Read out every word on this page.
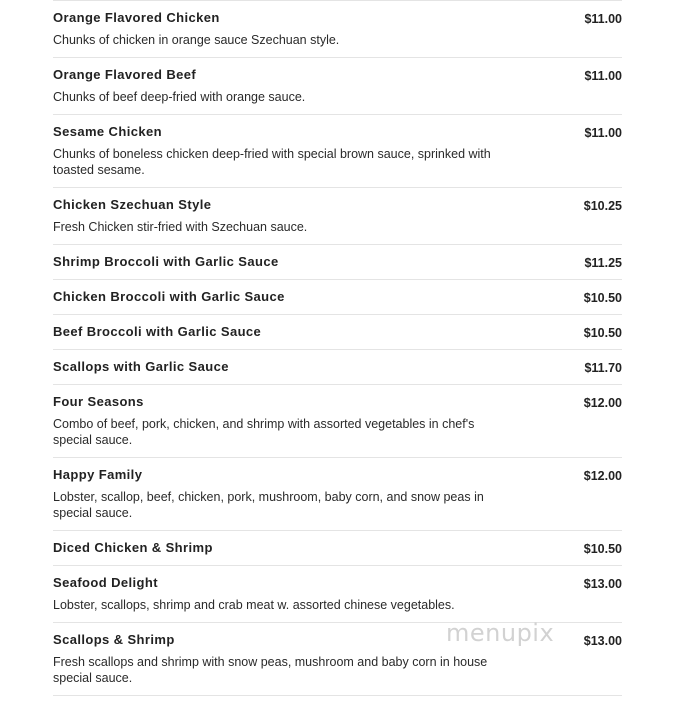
Orange Flavored Chicken	$11.00
Chunks of chicken in orange sauce Szechuan style.
Orange Flavored Beef	$11.00
Chunks of beef deep-fried with orange sauce.
Sesame Chicken	$11.00
Chunks of boneless chicken deep-fried with special brown sauce, sprinked with toasted sesame.
Chicken Szechuan Style	$10.25
Fresh Chicken stir-fried with Szechuan sauce.
Shrimp Broccoli with Garlic Sauce	$11.25
Chicken Broccoli with Garlic Sauce	$10.50
Beef Broccoli with Garlic Sauce	$10.50
Scallops with Garlic Sauce	$11.70
Four Seasons	$12.00
Combo of beef, pork, chicken, and shrimp with assorted vegetables in chef's special sauce.
Happy Family	$12.00
Lobster, scallop, beef, chicken, pork, mushroom, baby corn, and snow peas in special sauce.
Diced Chicken & Shrimp	$10.50
Seafood Delight	$13.00
Lobster, scallops, shrimp and crab meat w. assorted chinese vegetables.
Scallops & Shrimp	$13.00
Fresh scallops and shrimp with snow peas, mushroom and baby corn in house special sauce.
menupix
